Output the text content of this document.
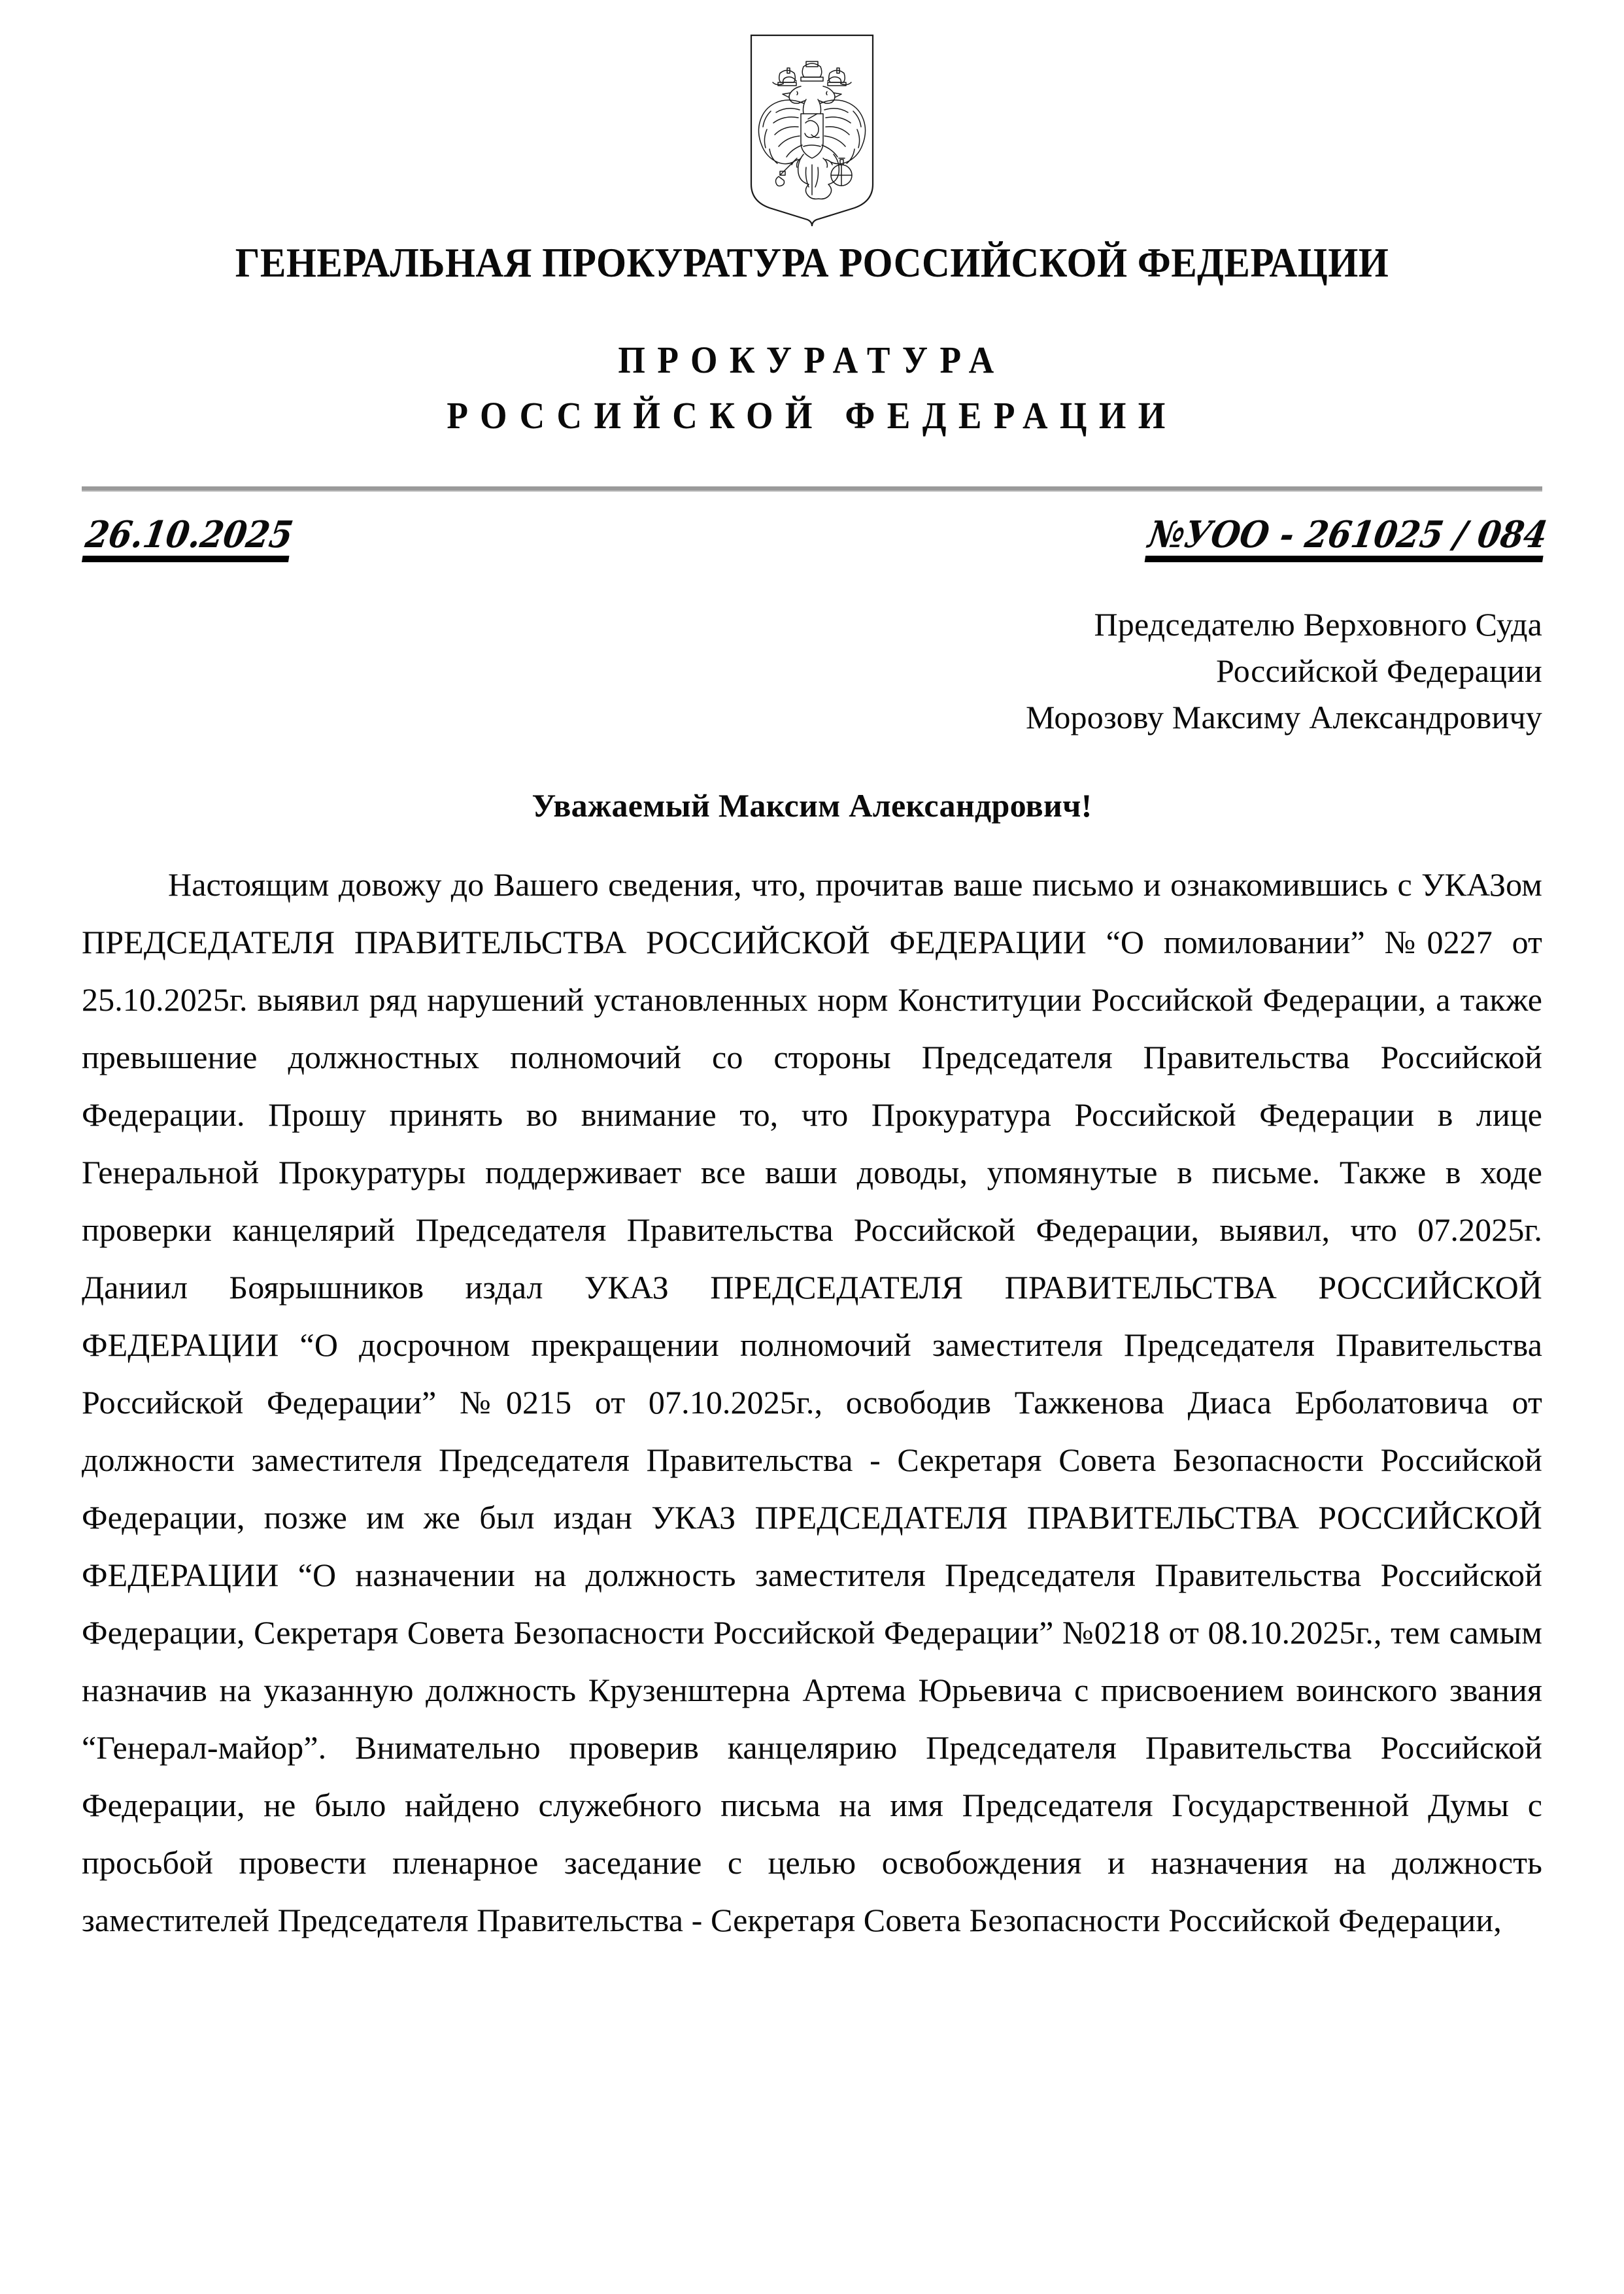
ГЕНЕРАЛЬНАЯ ПРОКУРАТУРА РОССИЙСКОЙ ФЕДЕРАЦИИ
ПРОКУРАТУРА
РОССИЙСКОЙ ФЕДЕРАЦИИ
26.10.2025	№УОО - 261025 / 084
Председателю Верховного Суда
Российской Федерации
Морозову Максиму Александровичу
Уважаемый Максим Александрович!
Настоящим довожу до Вашего сведения, что, прочитав ваше письмо и ознакомившись с УКАЗом ПРЕДСЕДАТЕЛЯ ПРАВИТЕЛЬСТВА РОССИЙСКОЙ ФЕДЕРАЦИИ “О помиловании” №0227 от 25.10.2025г. выявил ряд нарушений установленных норм Конституции Российской Федерации, а также превышение должностных полномочий со стороны Председателя Правительства Российской Федерации. Прошу принять во внимание то, что Прокуратура Российской Федерации в лице Генеральной Прокуратуры поддерживает все ваши доводы, упомянутые в письме. Также в ходе проверки канцелярий Председателя Правительства Российской Федерации, выявил, что 07.2025г. Даниил Боярышников издал УКАЗ ПРЕДСЕДАТЕЛЯ ПРАВИТЕЛЬСТВА РОССИЙСКОЙ ФЕДЕРАЦИИ “О досрочном прекращении полномочий заместителя Председателя Правительства Российской Федерации” №0215 от 07.10.2025г., освободив Тажкенова Диаса Ерболатовича от должности заместителя Председателя Правительства - Секретаря Совета Безопасности Российской Федерации, позже им же был издан УКАЗ ПРЕДСЕДАТЕЛЯ ПРАВИТЕЛЬСТВА РОССИЙСКОЙ ФЕДЕРАЦИИ “О назначении на должность заместителя Председателя Правительства Российской Федерации, Секретаря Совета Безопасности Российской Федерации” №0218 от 08.10.2025г., тем самым назначив на указанную должность Крузенштерна Артема Юрьевича с присвоением воинского звания “Генерал-майор”. Внимательно проверив канцелярию Председателя Правительства Российской Федерации, не было найдено служебного письма на имя Председателя Государственной Думы с просьбой провести пленарное заседание с целью освобождения и назначения на должность заместителей Председателя Правительства - Секретаря Совета Безопасности Российской Федерации,
